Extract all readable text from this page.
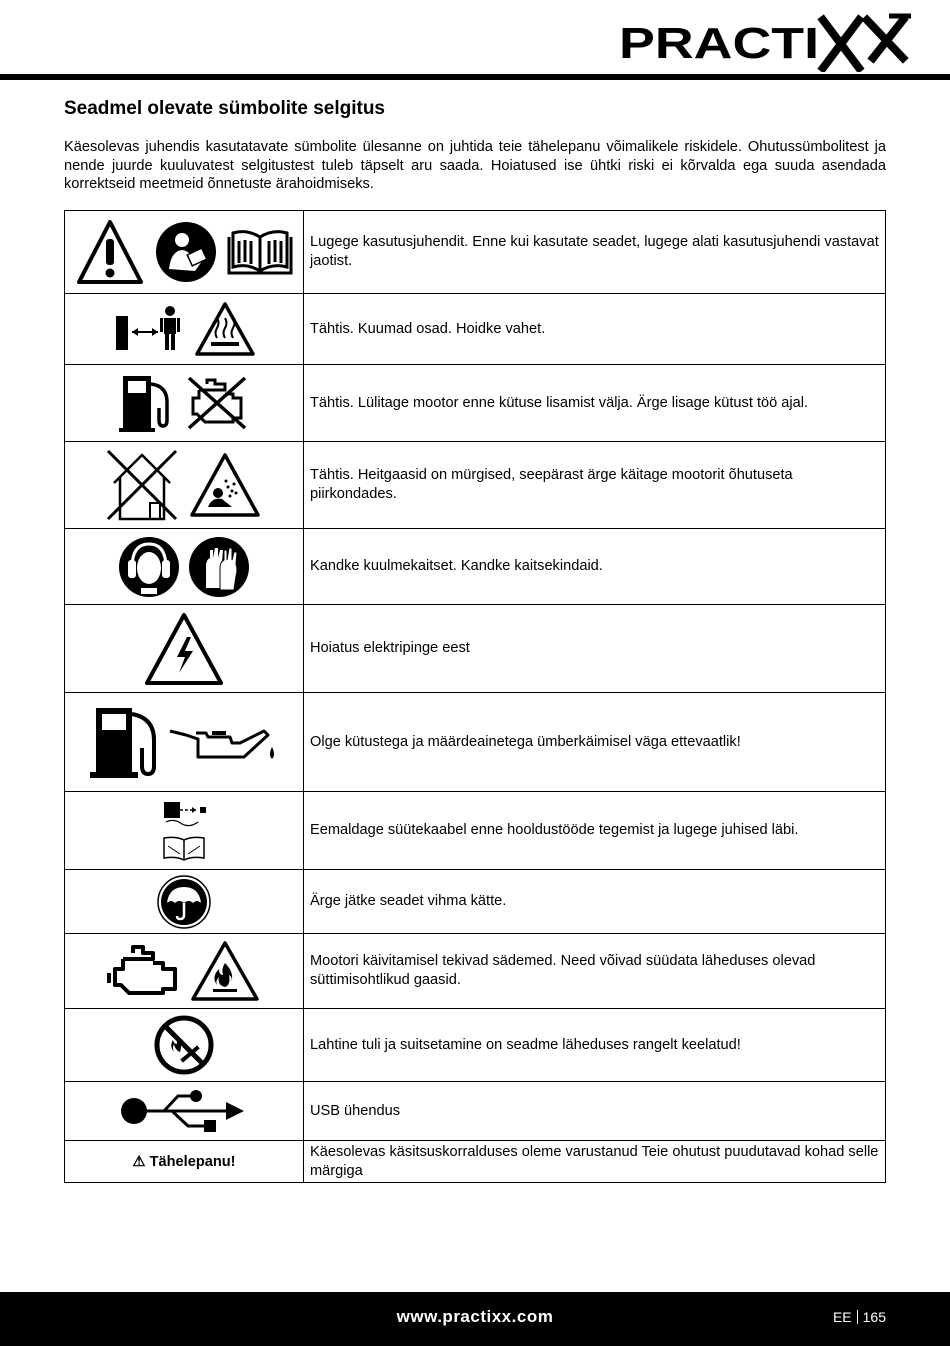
PRACTI
Seadmel olevate sümbolite selgitus

Käesolevas juhendis kasutatavate sümbolite ülesanne on juhtida teie tähelepanu võimalikele riskidele. Ohutussümbolitest ja nende juurde kuuluvatest selgitustest tuleb täpselt aru saada. Hoiatused ise ühtki riski ei kõrvalda ega suuda asendada korrektseid meetmeid õnnetuste ärahoidmiseks.

	Lugege kasutusjuhendit. Enne kui kasutate seadet, lugege alati kasutusjuhendi vastavat jaotist.

	Tähtis. Kuumad osad. Hoidke vahet.

	Tähtis. Lülitage mootor enne kütuse lisamist välja. Ärge lisage kütust töö ajal.

	Tähtis. Heitgaasid on mürgised, seepärast ärge käitage mootorit õhutuseta piirkondades.

	Kandke kuulmekaitset. Kandke kaitsekindaid.

	Hoiatus elektripinge eest

	Olge kütustega ja määrdeainetega ümberkäimisel väga ettevaatlik!

	Eemaldage süütekaabel enne hooldustööde tegemist ja lugege juhised läbi.

	Ärge jätke seadet vihma kätte.

	Mootori käivitamisel tekivad sädemed. Need võivad süüdata läheduses olevad süttimisohtlikud gaasid.

	Lahtine tuli ja suitsetamine on seadme läheduses rangelt keelatud!

	USB ühendus
⚠ Tähelepanu!	Käesolevas käsitsuskorralduses oleme varustanud Teie ohutust puudutavad kohad selle märgiga
www.practixx.com	EE 165
